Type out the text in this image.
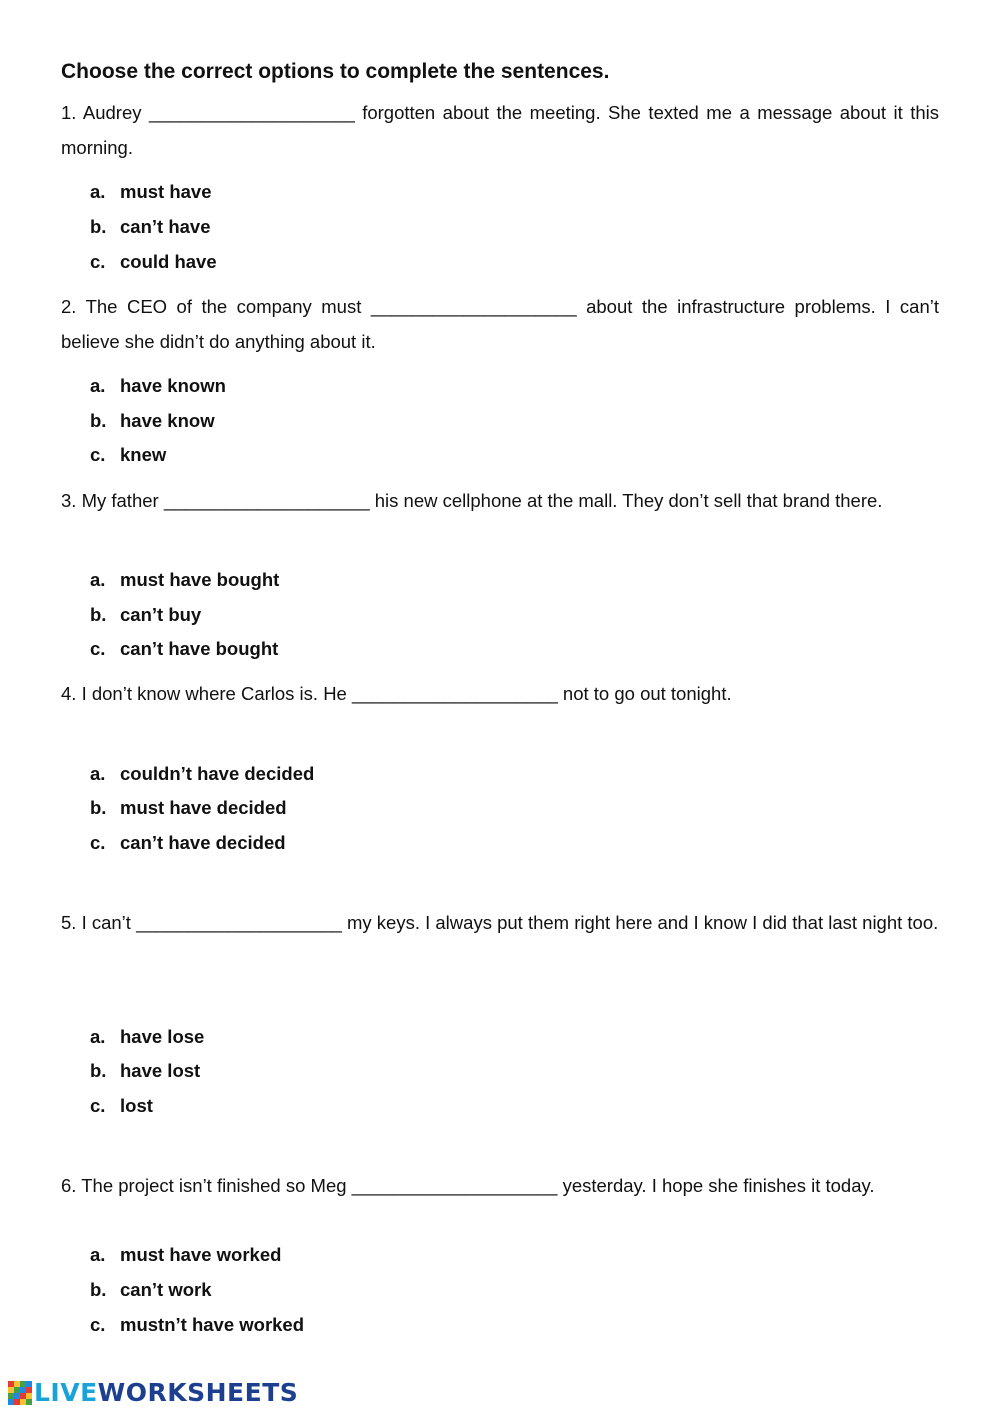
Choose the correct options to complete the sentences.

1. Audrey ____________________ forgotten about the meeting. She texted me a message about it this morning.

a. must have
b. can’t have
c. could have

2. The CEO of the company must ____________________ about the infrastructure problems. I can’t believe she didn’t do anything about it.

a. have known
b. have know
c. knew

3. My father ____________________ his new cellphone at the mall. They don’t sell that brand there.

a. must have bought
b. can’t buy
c. can’t have bought

4. I don’t know where Carlos is. He ____________________ not to go out tonight.

a. couldn’t have decided
b. must have decided
c. can’t have decided

5. I can’t ____________________ my keys. I always put them right here and I know I did that last night too.

a. have lose
b. have lost
c. lost

6. The project isn’t finished so Meg ____________________ yesterday. I hope she finishes it today.

a. must have worked
b. can’t work
c. mustn’t have worked
LIVEWORKSHEETS
